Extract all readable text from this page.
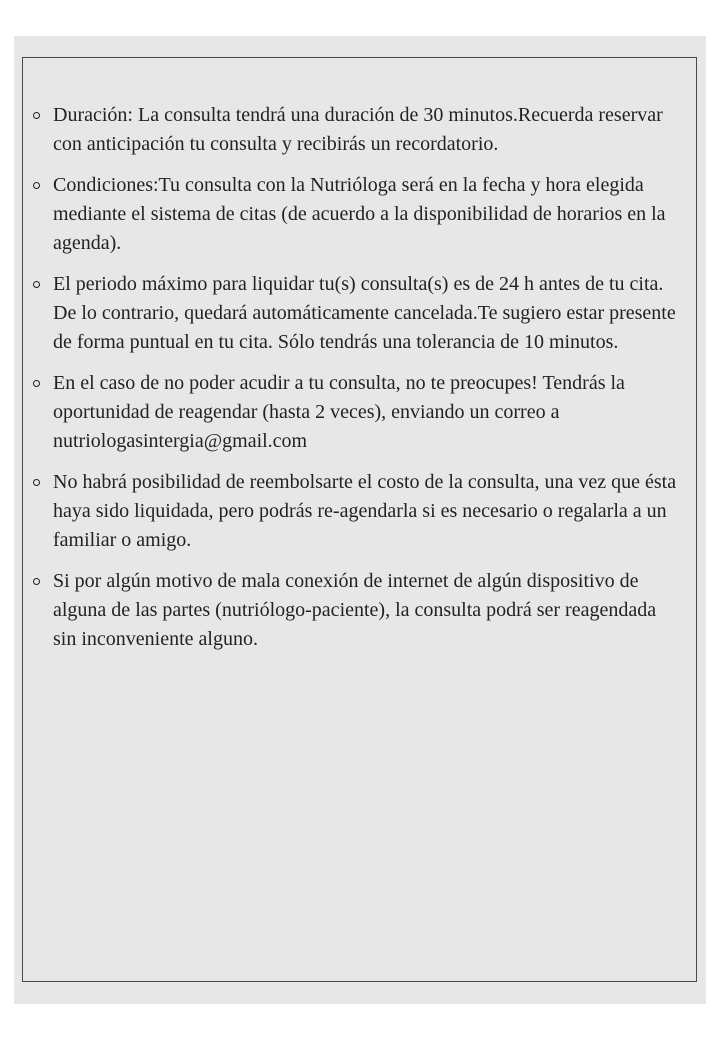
Duración: La consulta tendrá una duración de 30 minutos.Recuerda reservar con anticipación tu consulta y recibirás un recordatorio.
Condiciones:Tu consulta con la Nutrióloga será en la fecha y hora elegida mediante el sistema de citas (de acuerdo a la disponibilidad de horarios en la agenda).
El periodo máximo para liquidar tu(s) consulta(s) es de 24 h antes de tu cita. De lo contrario, quedará automáticamente cancelada.Te sugiero estar presente de forma puntual en tu cita. Sólo tendrás una tolerancia de 10 minutos.
En el caso de no poder acudir a tu consulta, no te preocupes! Tendrás la oportunidad de reagendar (hasta 2 veces), enviando un correo a nutriologasintergia@gmail.com
No habrá posibilidad de reembolsarte el costo de la consulta, una vez que ésta haya sido liquidada, pero podrás re-agendarla si es necesario o regalarla a un familiar o amigo.
Si por algún motivo de mala conexión de internet de algún dispositivo de alguna de las partes (nutriólogo-paciente), la consulta podrá ser reagendada sin inconveniente alguno.
